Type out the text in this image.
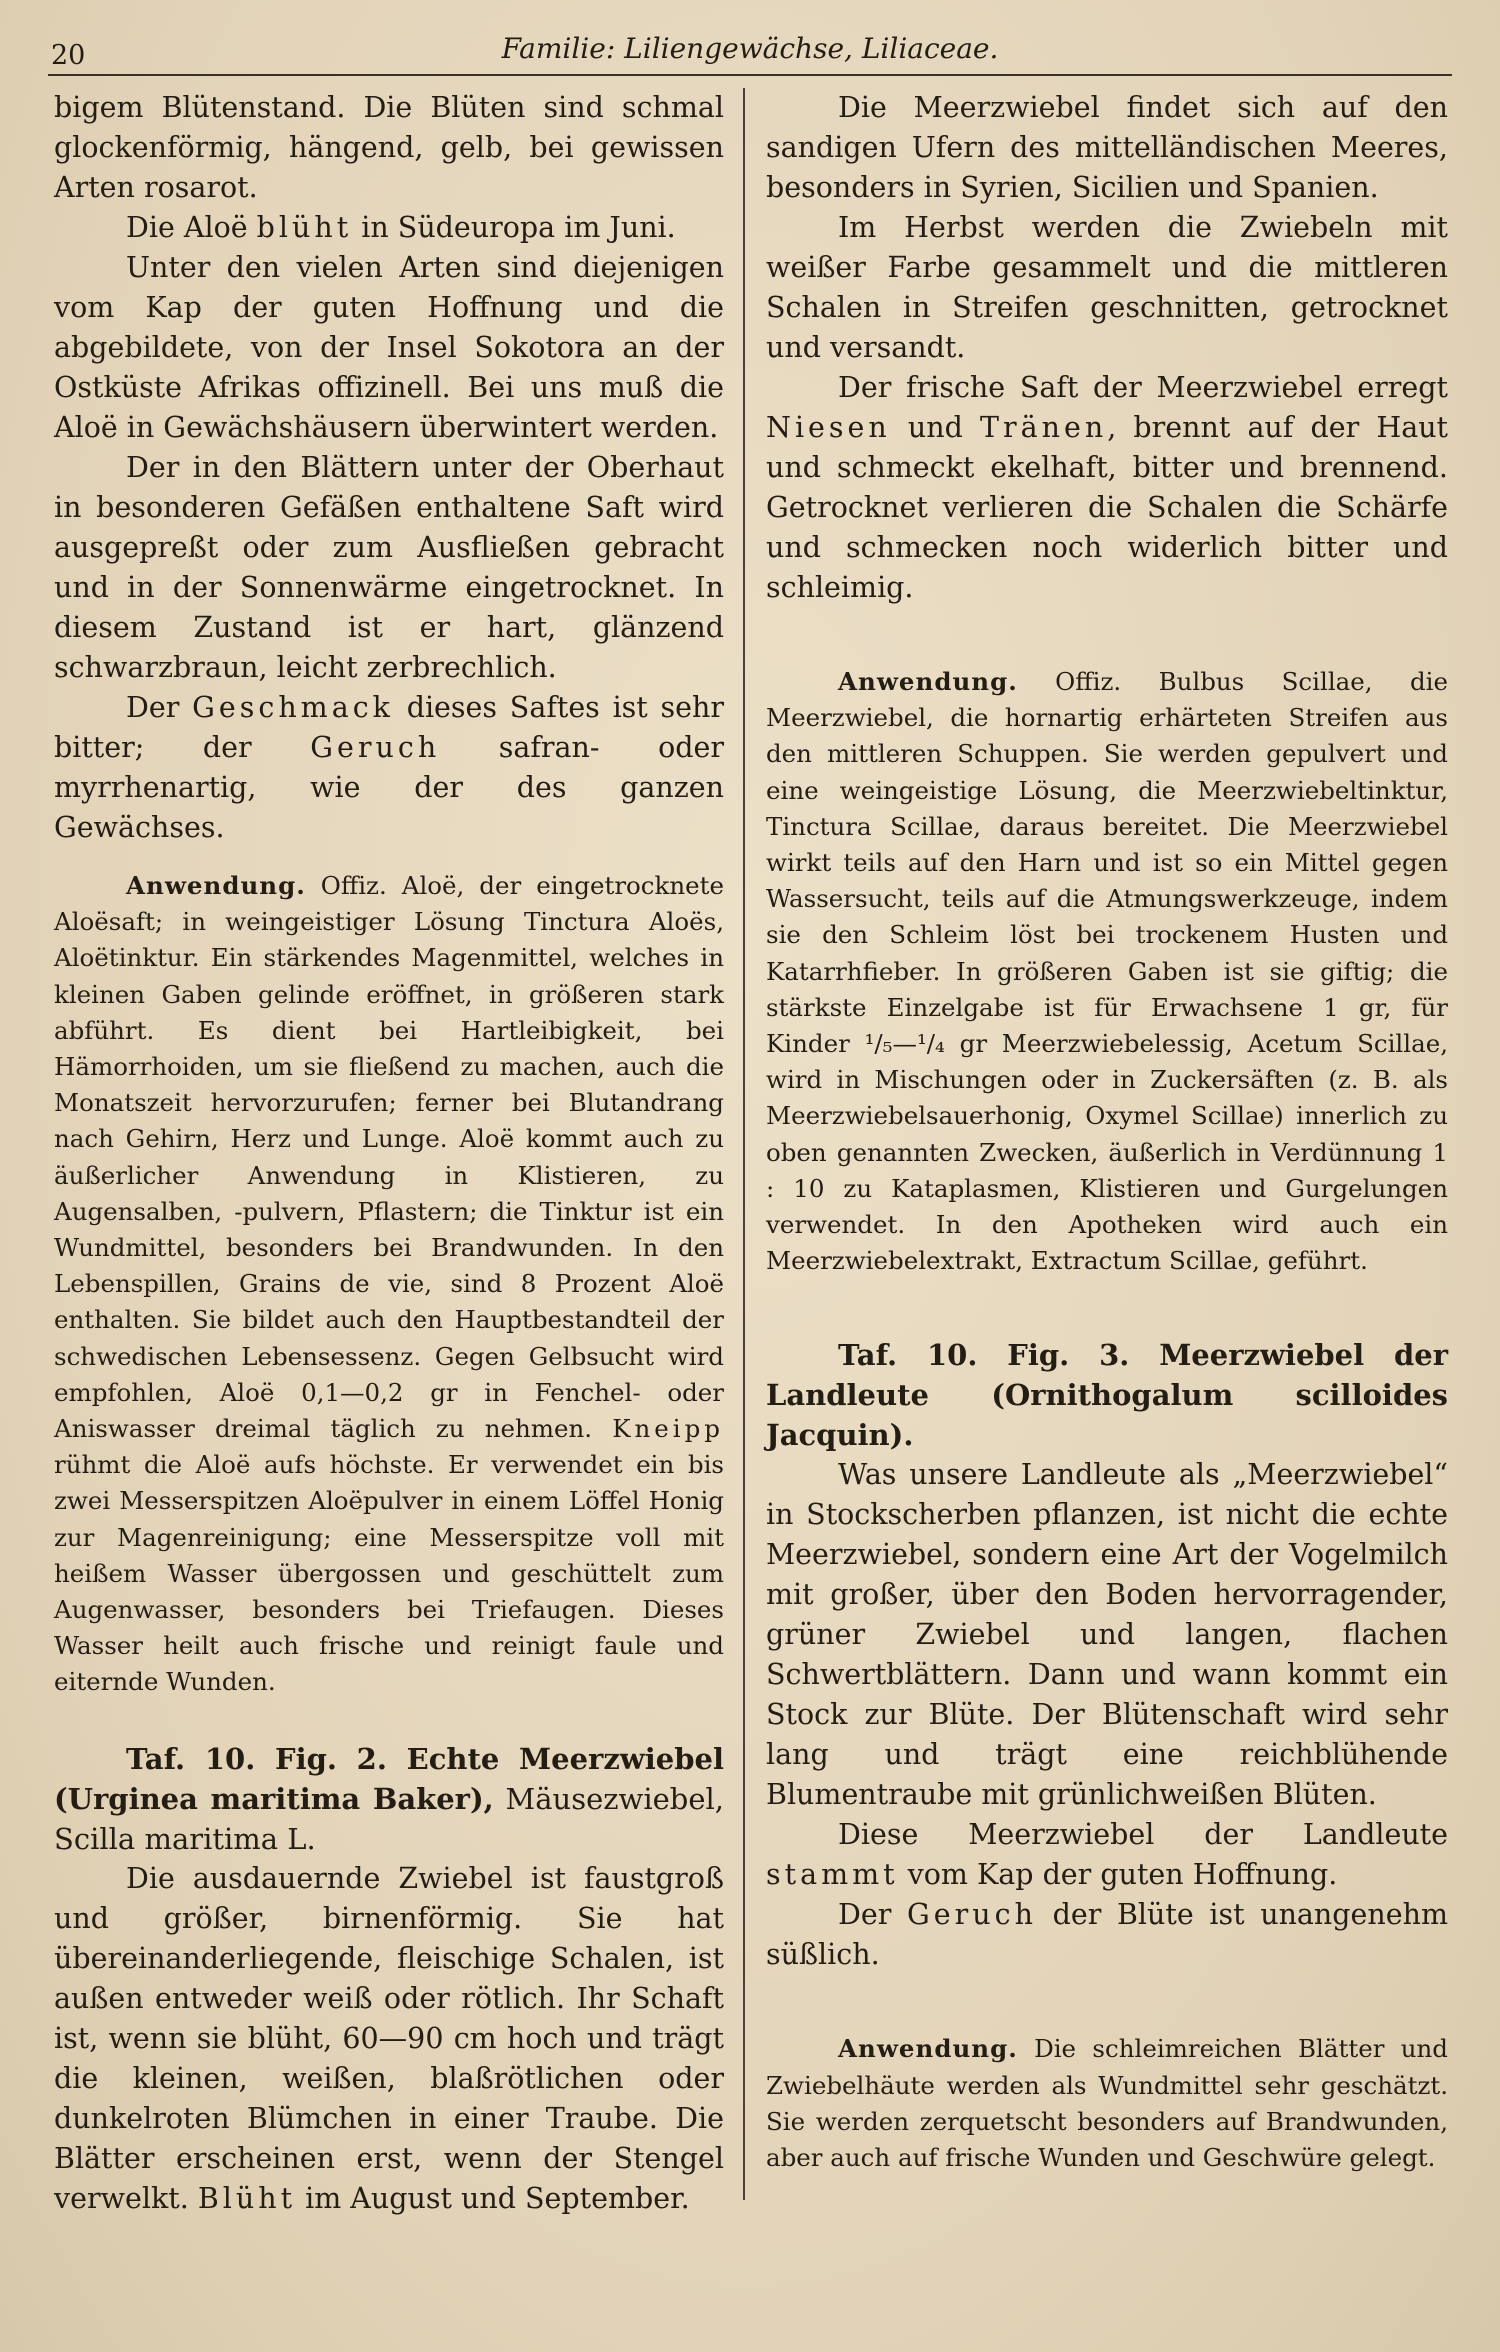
20	Familie: Liliengewächse, Liliaceae.

bigem Blütenstand. Die Blüten sind schmal glockenförmig, hängend, gelb, bei gewissen Arten rosarot.

Die Aloë blüht in Südeuropa im Juni.

Unter den vielen Arten sind diejenigen vom Kap der guten Hoffnung und die abgebildete, von der Insel Sokotora an der Ostküste Afrikas offizinell. Bei uns muß die Aloë in Gewächshäusern überwintert werden.

Der in den Blättern unter der Oberhaut in besonderen Gefäßen enthaltene Saft wird ausgepreßt oder zum Ausfließen gebracht und in der Sonnenwärme eingetrocknet. In diesem Zustand ist er hart, glänzend schwarzbraun, leicht zerbrechlich.

Der Geschmack dieses Saftes ist sehr bitter; der Geruch safran- oder myrrhenartig, wie der des ganzen Gewächses.

Anwendung. Offiz. Aloë, der eingetrocknete Aloësaft; in weingeistiger Lösung Tinctura Aloës, Aloëtinktur. Ein stärkendes Magenmittel, welches in kleinen Gaben gelinde eröffnet, in größeren stark abführt. Es dient bei Hartleibigkeit, bei Hämorrhoiden, um sie fließend zu machen, auch die Monatszeit hervorzurufen; ferner bei Blutandrang nach Gehirn, Herz und Lunge. Aloë kommt auch zu äußerlicher Anwendung in Klistieren, zu Augensalben, -pulvern, Pflastern; die Tinktur ist ein Wundmittel, besonders bei Brandwunden. In den Lebenspillen, Grains de vie, sind 8 Prozent Aloë enthalten. Sie bildet auch den Hauptbestandteil der schwedischen Lebensessenz. Gegen Gelbsucht wird empfohlen, Aloë 0,1—0,2 gr in Fenchel- oder Aniswasser dreimal täglich zu nehmen. Kneipp rühmt die Aloë aufs höchste. Er verwendet ein bis zwei Messerspitzen Aloëpulver in einem Löffel Honig zur Magenreinigung; eine Messerspitze voll mit heißem Wasser übergossen und geschüttelt zum Augenwasser, besonders bei Triefaugen. Dieses Wasser heilt auch frische und reinigt faule und eiternde Wunden.

Taf. 10. Fig. 2. Echte Meerzwiebel (Urginea maritima Baker), Mäusezwiebel, Scilla maritima L.

Die ausdauernde Zwiebel ist faustgroß und größer, birnenförmig. Sie hat übereinanderliegende, fleischige Schalen, ist außen entweder weiß oder rötlich. Ihr Schaft ist, wenn sie blüht, 60—90 cm hoch und trägt die kleinen, weißen, blaßrötlichen oder dunkelroten Blümchen in einer Traube. Die Blätter erscheinen erst, wenn der Stengel verwelkt. Blüht im August und September.

Die Meerzwiebel findet sich auf den sandigen Ufern des mittelländischen Meeres, besonders in Syrien, Sicilien und Spanien.

Im Herbst werden die Zwiebeln mit weißer Farbe gesammelt und die mittleren Schalen in Streifen geschnitten, getrocknet und versandt.

Der frische Saft der Meerzwiebel erregt Niesen und Tränen, brennt auf der Haut und schmeckt ekelhaft, bitter und brennend. Getrocknet verlieren die Schalen die Schärfe und schmecken noch widerlich bitter und schleimig.

Anwendung. Offiz. Bulbus Scillae, die Meerzwiebel, die hornartig erhärteten Streifen aus den mittleren Schuppen. Sie werden gepulvert und eine weingeistige Lösung, die Meerzwiebeltinktur, Tinctura Scillae, daraus bereitet. Die Meerzwiebel wirkt teils auf den Harn und ist so ein Mittel gegen Wassersucht, teils auf die Atmungswerkzeuge, indem sie den Schleim löst bei trockenem Husten und Katarrhfieber. In größeren Gaben ist sie giftig; die stärkste Einzelgabe ist für Erwachsene 1 gr, für Kinder ¹/₅—¹/₄ gr Meerzwiebelessig, Acetum Scillae, wird in Mischungen oder in Zuckersäften (z. B. als Meerzwiebelsauerhonig, Oxymel Scillae) innerlich zu oben genannten Zwecken, äußerlich in Verdünnung 1 : 10 zu Kataplasmen, Klistieren und Gurgelungen verwendet. In den Apotheken wird auch ein Meerzwiebelextrakt, Extractum Scillae, geführt.

Taf. 10. Fig. 3. Meerzwiebel der Landleute (Ornithogalum scilloides Jacquin).

Was unsere Landleute als „Meerzwiebel“ in Stockscherben pflanzen, ist nicht die echte Meerzwiebel, sondern eine Art der Vogelmilch mit großer, über den Boden hervorragender, grüner Zwiebel und langen, flachen Schwertblättern. Dann und wann kommt ein Stock zur Blüte. Der Blütenschaft wird sehr lang und trägt eine reichblühende Blumentraube mit grünlichweißen Blüten.

Diese Meerzwiebel der Landleute stammt vom Kap der guten Hoffnung.

Der Geruch der Blüte ist unangenehm süßlich.

Anwendung. Die schleimreichen Blätter und Zwiebelhäute werden als Wundmittel sehr geschätzt. Sie werden zerquetscht besonders auf Brandwunden, aber auch auf frische Wunden und Geschwüre gelegt.
